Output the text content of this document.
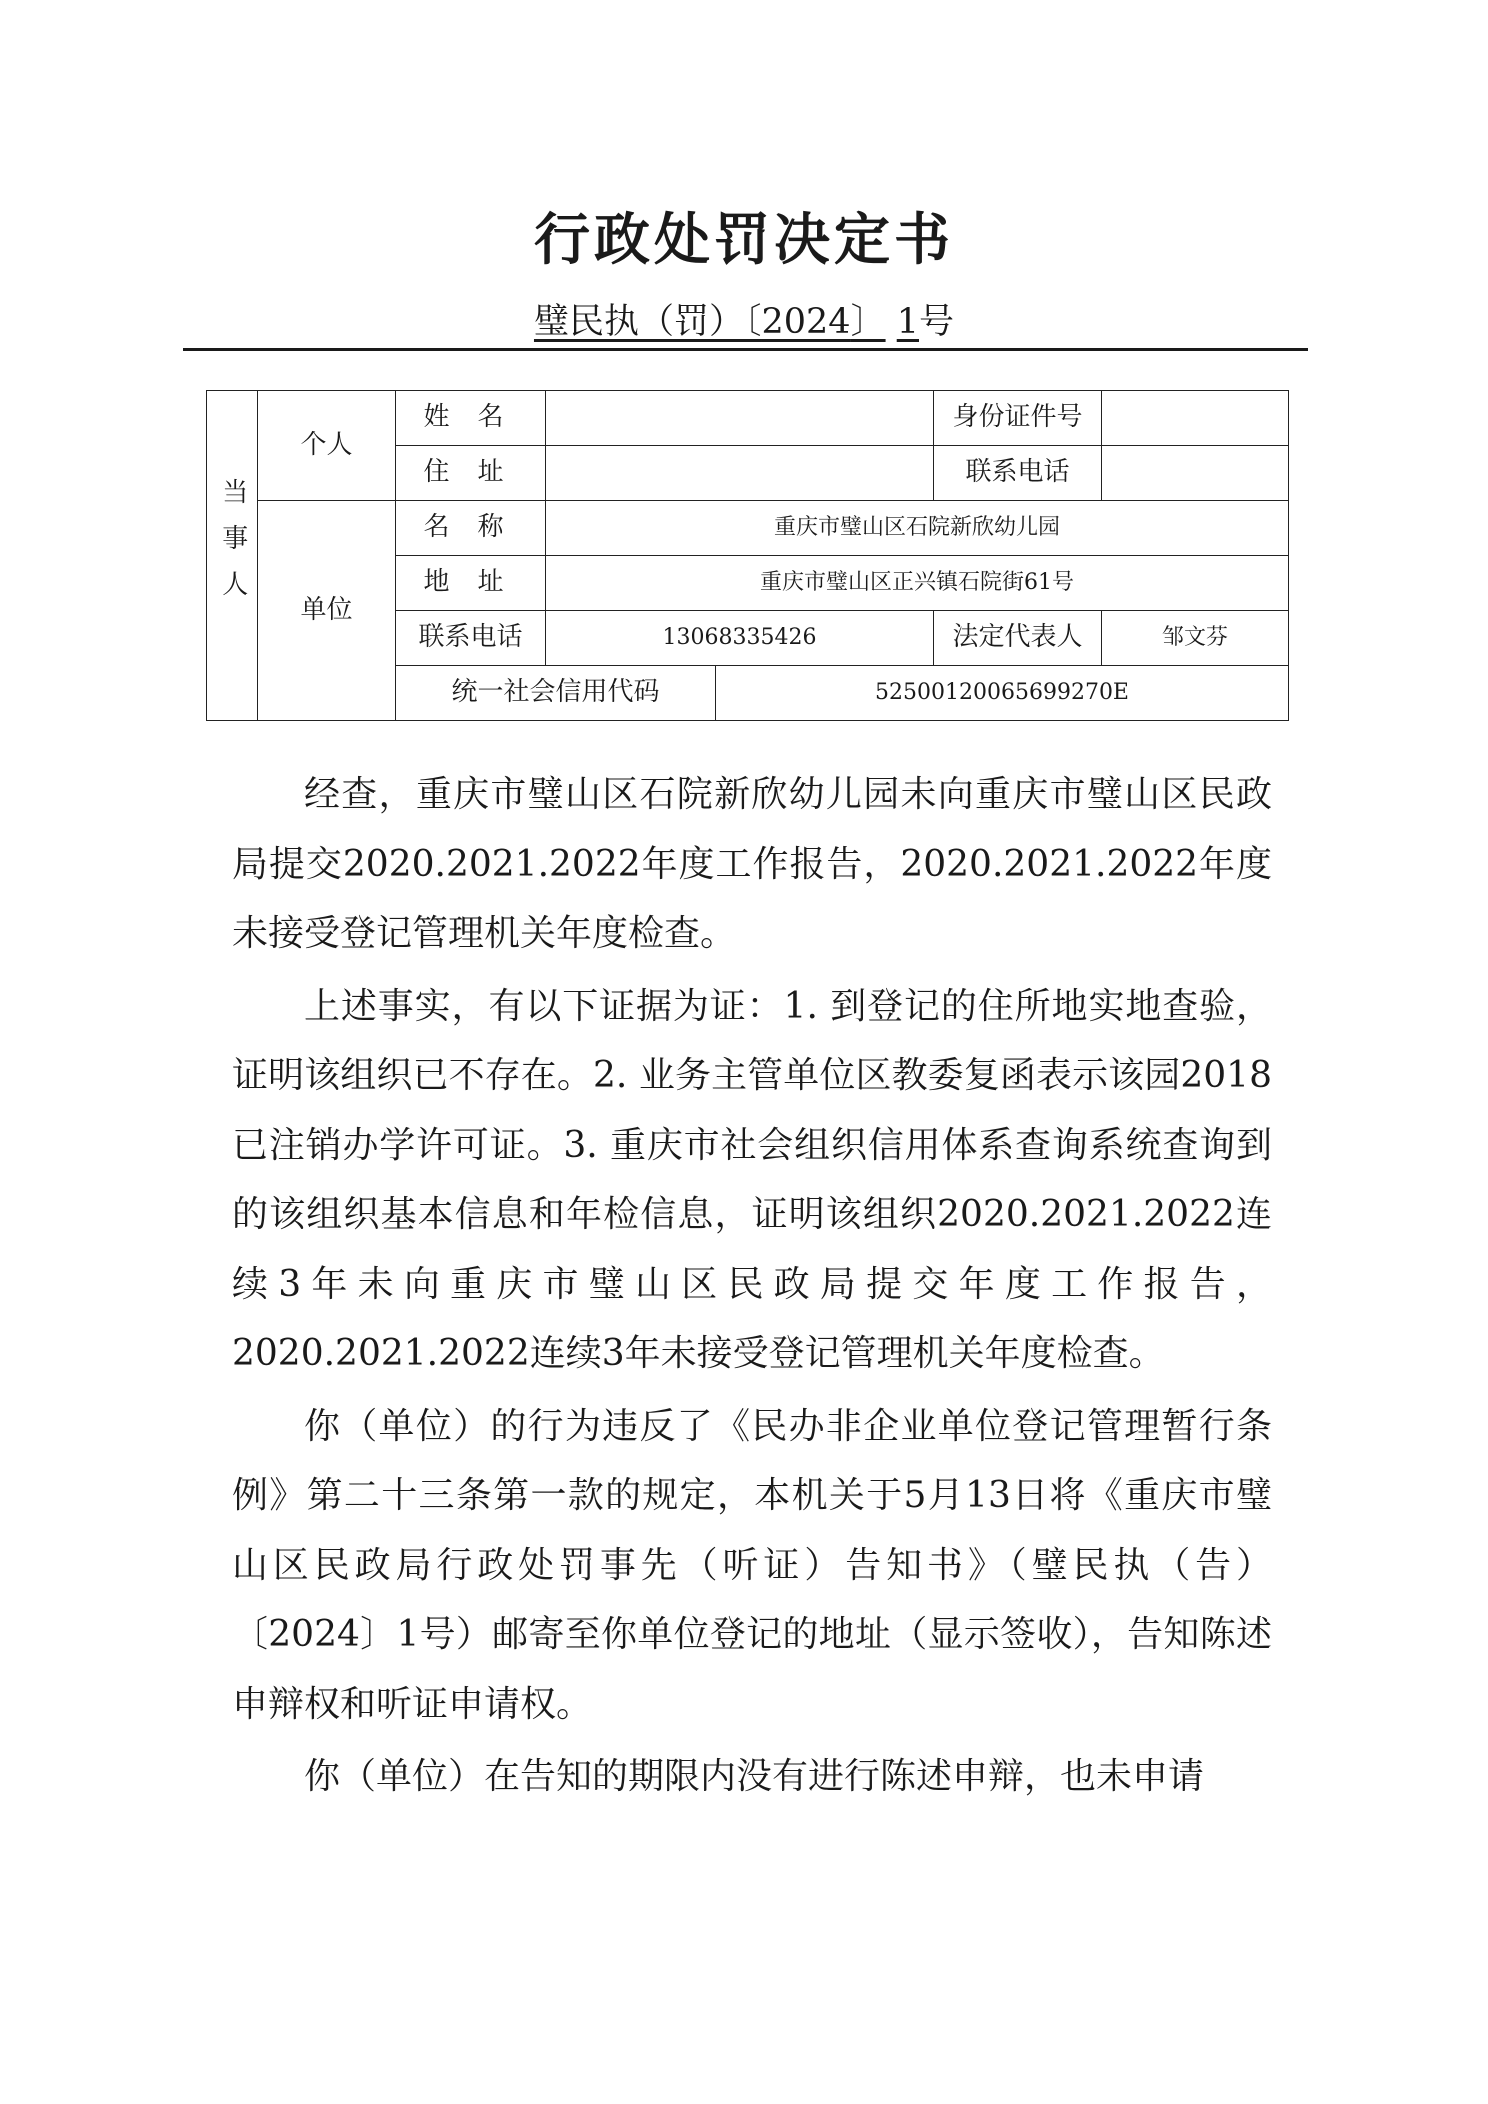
行政处罚决定书
璧民执（罚）〔2024〕 1号
当事人	个人	姓名			身份证件号	
		住址			联系电话	
	单位	名称	重庆市璧山区石院新欣幼儿园			
		地址	重庆市璧山区正兴镇石院街61号			
		联系电话	13068335426		法定代表人	邹文芬
		统一社会信用代码		52500120065699270E		

经查，重庆市璧山区石院新欣幼儿园未向重庆市璧山区民政局提交2020.2021.2022年度工作报告，2020.2021.2022年度未接受登记管理机关年度检查。

上述事实，有以下证据为证：1. 到登记的住所地实地查验，证明该组织已不存在。2. 业务主管单位区教委复函表示该园2018已注销办学许可证。3. 重庆市社会组织信用体系查询系统查询到的该组织基本信息和年检信息，证明该组织2020.2021.2022连续3年未向重庆市璧山区民政局提交年度工作报告，2020.2021.2022连续3年未接受登记管理机关年度检查。

你（单位）的行为违反了《民办非企业单位登记管理暂行条例》第二十三条第一款的规定，本机关于5月13日将《重庆市璧山区民政局行政处罚事先（听证）告知书》（璧民执（告）〔2024〕1号）邮寄至你单位登记的地址（显示签收），告知陈述申辩权和听证申请权。

你（单位）在告知的期限内没有进行陈述申辩，也未申请
